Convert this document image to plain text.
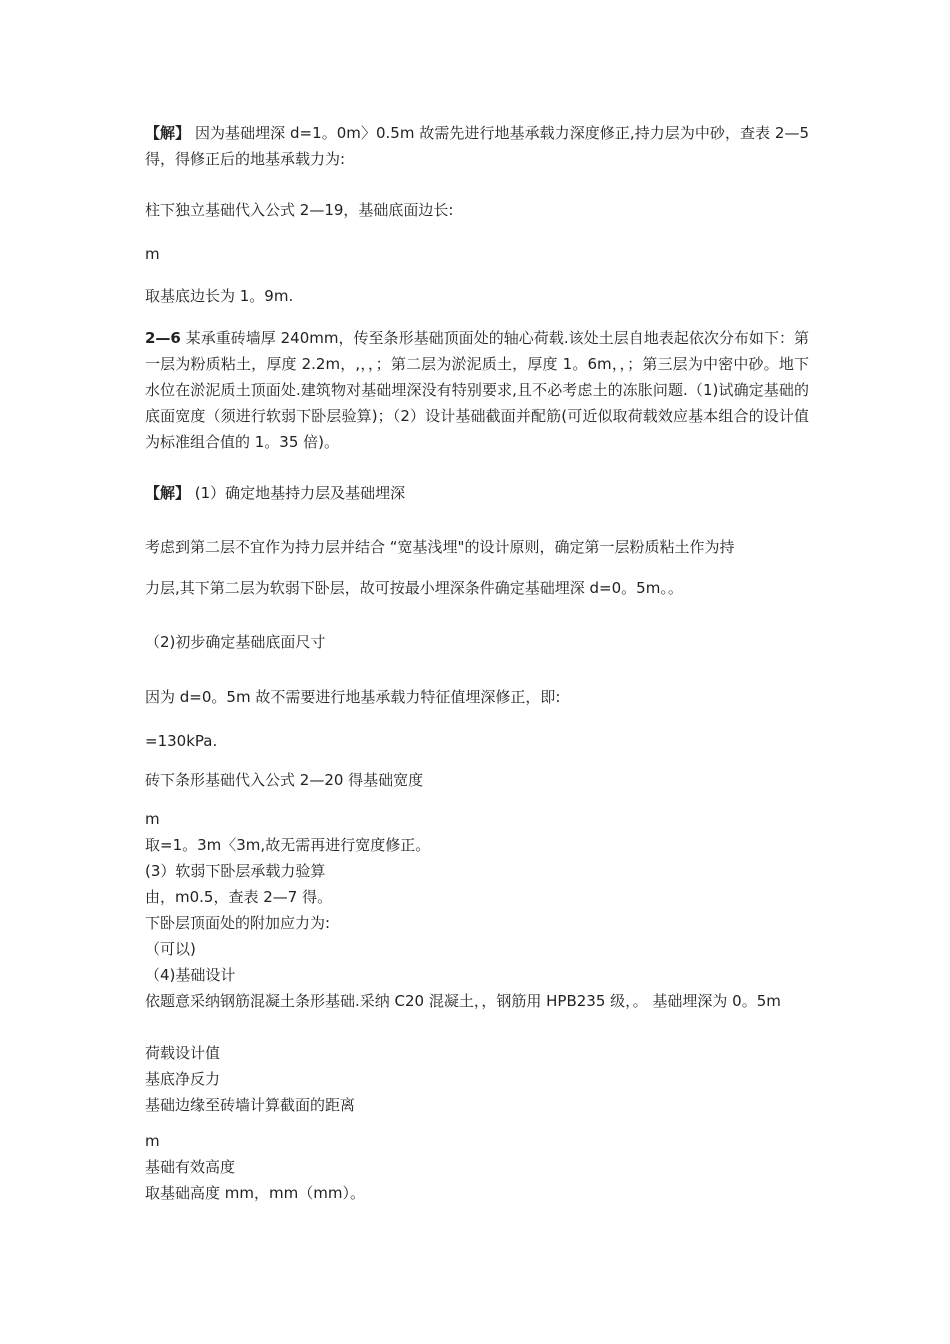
【解】 因为基础埋深 d=1。0m〉0.5m 故需先进行地基承载力深度修正,持力层为中砂，查表 2—5 得，得修正后的地基承载力为:

柱下独立基础代入公式 2—19，基础底面边长:

m

取基底边长为 1。9m.

2—6 某承重砖墙厚 240mm，传至条形基础顶面处的轴心荷载.该处土层自地表起依次分布如下：第一层为粉质粘土，厚度 2.2m，,，，；第二层为淤泥质土，厚度 1。6m，，；第三层为中密中砂。地下水位在淤泥质土顶面处.建筑物对基础埋深没有特别要求,且不必考虑土的冻胀问题.（1)试确定基础的底面宽度（须进行软弱下卧层验算)；（2）设计基础截面并配筋(可近似取荷载效应基本组合的设计值为标准组合值的 1。35 倍)。

【解】 (1）确定地基持力层及基础埋深

考虑到第二层不宜作为持力层并结合 “宽基浅埋"的设计原则，确定第一层粉质粘土作为持

力层,其下第二层为软弱下卧层，故可按最小埋深条件确定基础埋深 d=0。5m。。

（2)初步确定基础底面尺寸

因为 d=0。5m 故不需要进行地基承载力特征值埋深修正，即:

=130kPa.

砖下条形基础代入公式 2—20 得基础宽度

m

取=1。3m〈3m,故无需再进行宽度修正。

(3）软弱下卧层承载力验算

由，m0.5，查表 2—7 得。

下卧层顶面处的附加应力为:

（可以)

（4)基础设计

依题意采纳钢筋混凝土条形基础.采纳 C20 混凝土，，钢筋用 HPB235 级，。 基础埋深为 0。5m

荷载设计值

基底净反力

基础边缘至砖墙计算截面的距离

m

基础有效高度

取基础高度 mm，mm（mm）。
